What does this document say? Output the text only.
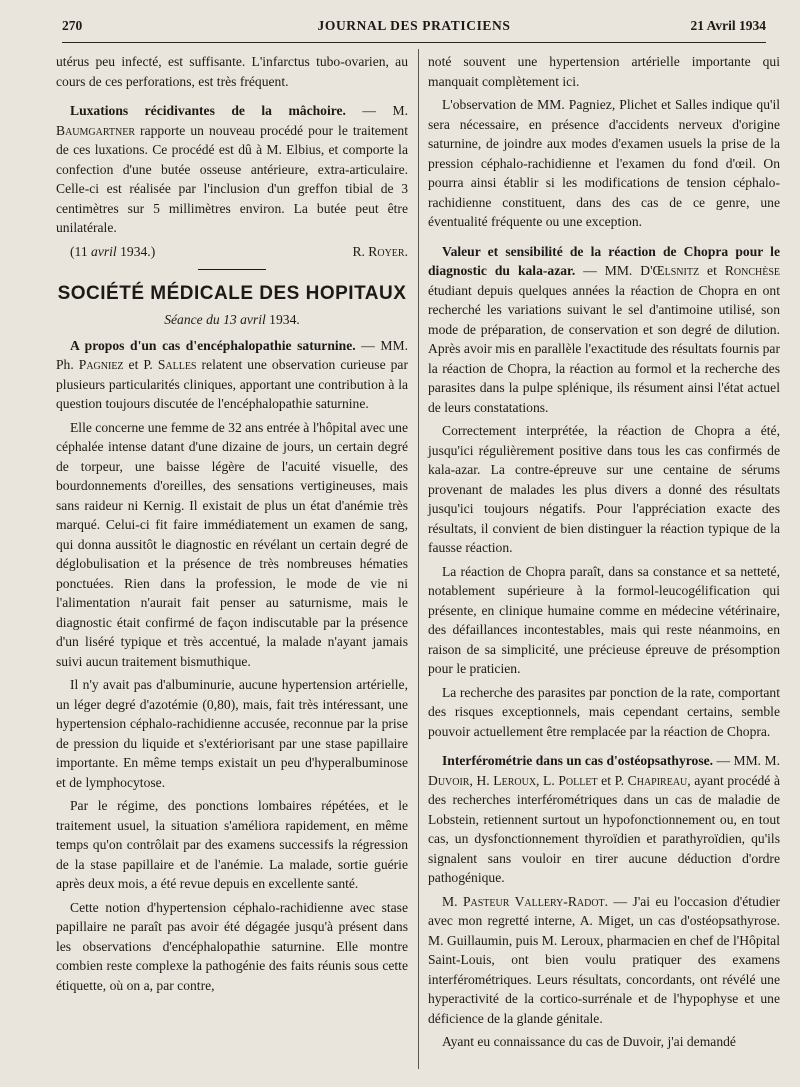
270	JOURNAL DES PRATICIENS	21 Avril 1934

utérus peu infecté, est suffisante. L'infarctus tubo-ovarien, au cours de ces perforations, est très fréquent.

Luxations récidivantes de la mâchoire. — M. Baumgartner rapporte un nouveau procédé pour le traitement de ces luxations. Ce procédé est dû à M. Elbius, et comporte la confection d'une butée osseuse antérieure, extra-articulaire. Celle-ci est réalisée par l'inclusion d'un greffon tibial de 3 centimètres sur 5 millimètres environ. La butée peut être unilatérale.

(11 avril 1934.)	R. Royer.
SOCIÉTÉ MÉDICALE DES HOPITAUX
Séance du 13 avril 1934.

A propos d'un cas d'encéphalopathie saturnine. — MM. Ph. Pagniez et P. Salles relatent une observation curieuse par plusieurs particularités cliniques, apportant une contribution à la question toujours discutée de l'encéphalopathie saturnine.

Elle concerne une femme de 32 ans entrée à l'hôpital avec une céphalée intense datant d'une dizaine de jours, un certain degré de torpeur, une baisse légère de l'acuité visuelle, des bourdonnements d'oreilles, des sensations vertigineuses, mais sans raideur ni Kernig. Il existait de plus un état d'anémie très marqué. Celui-ci fit faire immédiatement un examen de sang, qui donna aussitôt le diagnostic en révélant un certain degré de déglobulisation et la présence de très nombreuses hématies ponctuées. Rien dans la profession, le mode de vie ni l'alimentation n'aurait fait penser au saturnisme, mais le diagnostic était confirmé de façon indiscutable par la présence d'un liséré typique et très accentué, la malade n'ayant jamais suivi aucun traitement bismuthique.

Il n'y avait pas d'albuminurie, aucune hypertension artérielle, un léger degré d'azotémie (0,80), mais, fait très intéressant, une hypertension céphalo-rachidienne accusée, reconnue par la prise de pression du liquide et s'extériorisant par une stase papillaire importante. En même temps existait un peu d'hyperalbuminose et de lymphocytose.

Par le régime, des ponctions lombaires répétées, et le traitement usuel, la situation s'améliora rapidement, en même temps qu'on contrôlait par des examens successifs la régression de la stase papillaire et de l'anémie. La malade, sortie guérie après deux mois, a été revue depuis en excellente santé.

Cette notion d'hypertension céphalo-rachidienne avec stase papillaire ne paraît pas avoir été dégagée jusqu'à présent dans les observations d'encéphalopathie saturnine. Elle montre combien reste complexe la pathogénie des faits réunis sous cette étiquette, où on a, par contre,

noté souvent une hypertension artérielle importante qui manquait complètement ici.

L'observation de MM. Pagniez, Plichet et Salles indique qu'il sera nécessaire, en présence d'accidents nerveux d'origine saturnine, de joindre aux modes d'examen usuels la prise de la pression céphalo-rachidienne et l'examen du fond d'œil. On pourra ainsi établir si les modifications de tension céphalo-rachidienne constituent, dans des cas de ce genre, une éventualité fréquente ou une exception.

Valeur et sensibilité de la réaction de Chopra pour le diagnostic du kala-azar. — MM. D'Œlsnitz et Ronchèse étudiant depuis quelques années la réaction de Chopra en ont recherché les variations suivant le sel d'antimoine utilisé, son mode de préparation, de conservation et son degré de dilution. Après avoir mis en parallèle l'exactitude des résultats fournis par la réaction de Chopra, la réaction au formol et la recherche des parasites dans la pulpe splénique, ils résument ainsi l'état actuel de leurs constatations.

Correctement interprétée, la réaction de Chopra a été, jusqu'ici régulièrement positive dans tous les cas confirmés de kala-azar. La contre-épreuve sur une centaine de sérums provenant de malades les plus divers a donné des résultats jusqu'ici toujours négatifs. Pour l'appréciation exacte des résultats, il convient de bien distinguer la réaction typique de la fausse réaction.

La réaction de Chopra paraît, dans sa constance et sa netteté, notablement supérieure à la formol-leucogélification qui présente, en clinique humaine comme en médecine vétérinaire, des défaillances incontestables, mais qui reste néanmoins, en raison de sa simplicité, une précieuse épreuve de présomption pour le praticien.

La recherche des parasites par ponction de la rate, comportant des risques exceptionnels, mais cependant certains, semble pouvoir actuellement être remplacée par la réaction de Chopra.

Interférométrie dans un cas d'ostéopsathyrose. — MM. M. Duvoir, H. Leroux, L. Pollet et P. Chapireau, ayant procédé à des recherches interférométriques dans un cas de maladie de Lobstein, retiennent surtout un hypofonctionnement ou, en tout cas, un dysfonctionnement thyroïdien et parathyroïdien, qu'ils signalent sans vouloir en tirer aucune déduction d'ordre pathogénique.

M. Pasteur Vallery-Radot. — J'ai eu l'occasion d'étudier avec mon regretté interne, A. Miget, un cas d'ostéopsathyrose. M. Guillaumin, puis M. Leroux, pharmacien en chef de l'Hôpital Saint-Louis, ont bien voulu pratiquer des examens interférométriques. Leurs résultats, concordants, ont révélé une hyperactivité de la cortico-surrénale et de l'hypophyse et une déficience de la glande génitale.

Ayant eu connaissance du cas de Duvoir, j'ai demandé
